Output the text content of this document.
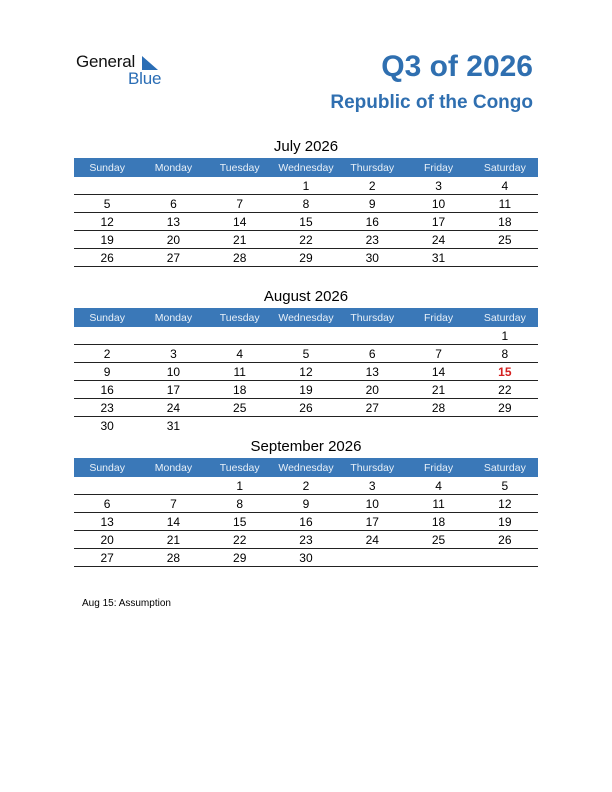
General
Blue	Q3 of 2026
Republic of the Congo
July 2026
Sunday	Monday	Tuesday	Wednesday	Thursday	Friday	Saturday
			1	2	3	4
5	6	7	8	9	10	11
12	13	14	15	16	17	18
19	20	21	22	23	24	25
26	27	28	29	30	31	
August 2026
Sunday	Monday	Tuesday	Wednesday	Thursday	Friday	Saturday
						1
2	3	4	5	6	7	8
9	10	11	12	13	14	15
16	17	18	19	20	21	22
23	24	25	26	27	28	29
30	31					
September 2026
Sunday	Monday	Tuesday	Wednesday	Thursday	Friday	Saturday
		1	2	3	4	5
6	7	8	9	10	11	12
13	14	15	16	17	18	19
20	21	22	23	24	25	26
27	28	29	30			
Aug 15: Assumption
